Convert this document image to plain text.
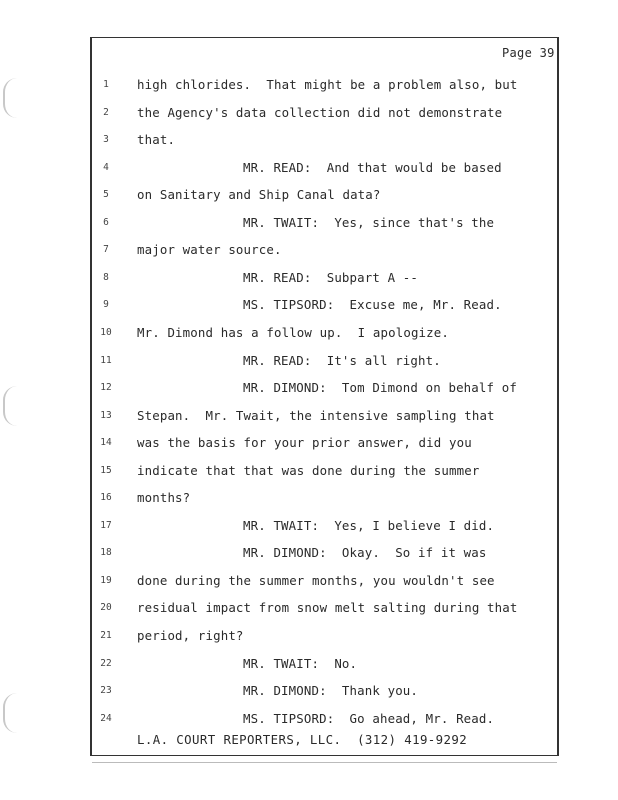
Page 39
1	high chlorides.  That might be a problem also, but
2	the Agency's data collection did not demonstrate
3	that.
4	MR. READ:  And that would be based
5	on Sanitary and Ship Canal data?
6	MR. TWAIT:  Yes, since that's the
7	major water source.
8	MR. READ:  Subpart A --
9	MS. TIPSORD:  Excuse me, Mr. Read.
10	Mr. Dimond has a follow up.  I apologize.
11	MR. READ:  It's all right.
12	MR. DIMOND:  Tom Dimond on behalf of
13	Stepan.  Mr. Twait, the intensive sampling that
14	was the basis for your prior answer, did you
15	indicate that that was done during the summer
16	months?
17	MR. TWAIT:  Yes, I believe I did.
18	MR. DIMOND:  Okay.  So if it was
19	done during the summer months, you wouldn't see
20	residual impact from snow melt salting during that
21	period, right?
22	MR. TWAIT:  No.
23	MR. DIMOND:  Thank you.
24	MS. TIPSORD:  Go ahead, Mr. Read.
L.A. COURT REPORTERS, LLC.  (312) 419-9292
